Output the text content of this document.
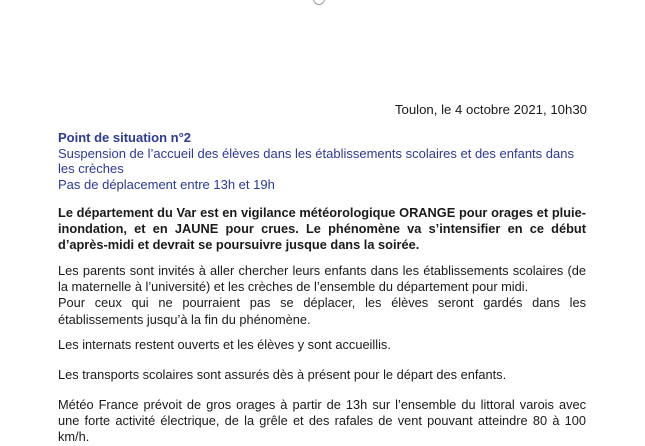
Toulon, le 4 octobre 2021, 10h30

Point de situation n°2

Suspension de l’accueil des élèves dans les établissements scolaires et des enfants dans les crèches

Pas de déplacement entre 13h et 19h

Le département du Var est en vigilance météorologique ORANGE pour orages et pluie-inondation, et en JAUNE pour crues. Le phénomène va s’intensifier en ce début d’après-midi et devrait se poursuivre jusque dans la soirée.

Les parents sont invités à aller chercher leurs enfants dans les établissements scolaires (de la maternelle à l’université) et les crèches de l’ensemble du département pour midi.
Pour ceux qui ne pourraient pas se déplacer, les élèves seront gardés dans les établissements jusqu’à la fin du phénomène.

Les internats restent ouverts et les élèves y sont accueillis.

Les transports scolaires sont assurés dès à présent pour le départ des enfants.

Météo France prévoit de gros orages à partir de 13h sur l’ensemble du littoral varois avec une forte activité électrique, de la grêle et des rafales de vent pouvant atteindre 80 à 100 km/h.
